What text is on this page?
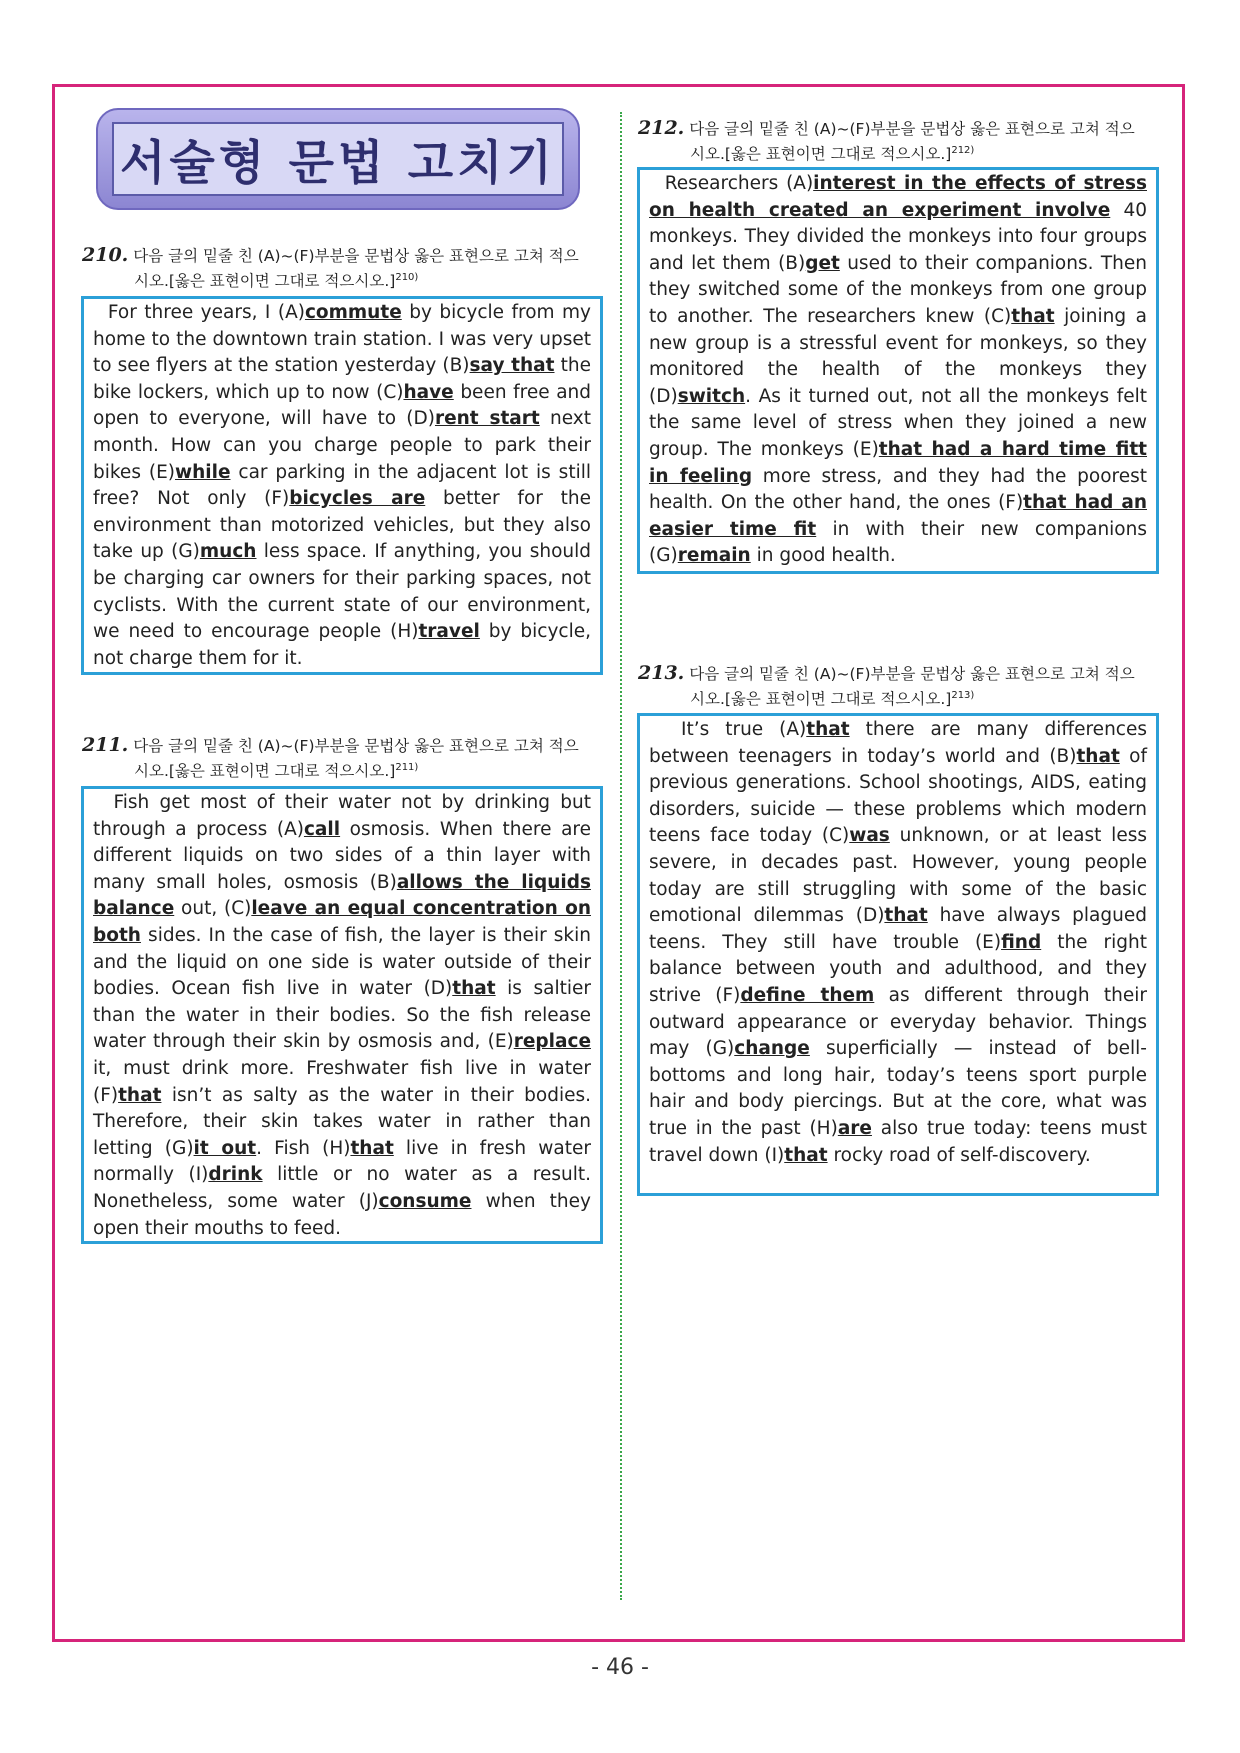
서술형 문법 고치기
210. 다음 글의 밑줄 친 (A)~(F)부분을 문법상 옳은 표현으로 고쳐 적으
시오.[옳은 표현이면 그대로 적으시오.]$^{210)}$
For three years, I (A)commute by bicycle from my home to the downtown train station. I was very upset to see flyers at the station yesterday (B)say that the bike lockers, which up to now (C)have been free and open to everyone, will have to (D)rent start next month. How can you charge people to park their bikes (E)while car parking in the adjacent lot is still free? Not only (F)bicycles are better for the environment than motorized vehicles, but they also take up (G)much less space. If anything, you should be charging car owners for their parking spaces, not cyclists. With the current state of our environment, we need to encourage people (H)travel by bicycle, not charge them for it.
211. 다음 글의 밑줄 친 (A)~(F)부분을 문법상 옳은 표현으로 고쳐 적으
시오.[옳은 표현이면 그대로 적으시오.]$^{211)}$
Fish get most of their water not by drinking but through a process (A)call osmosis. When there are different liquids on two sides of a thin layer with many small holes, osmosis (B)allows the liquids balance out, (C)leave an equal concentration on both sides. In the case of fish, the layer is their skin and the liquid on one side is water outside of their bodies. Ocean fish live in water (D)that is saltier than the water in their bodies. So the fish release water through their skin by osmosis and, (E)replace it, must drink more. Freshwater fish live in water (F)that isn’t as salty as the water in their bodies. Therefore, their skin takes water in rather than letting (G)it out. Fish (H)that live in fresh water normally (I)drink little or no water as a result. Nonetheless, some water (J)consume when they open their mouths to feed.
212. 다음 글의 밑줄 친 (A)~(F)부분을 문법상 옳은 표현으로 고쳐 적으
시오.[옳은 표현이면 그대로 적으시오.]$^{212)}$
Researchers (A)interest in the effects of stress on health created an experiment involve 40 monkeys. They divided the monkeys into four groups and let them (B)get used to their companions. Then they switched some of the monkeys from one group to another. The researchers knew (C)that joining a new group is a stressful event for monkeys, so they monitored the health of the monkeys they (D)switch. As it turned out, not all the monkeys felt the same level of stress when they joined a new group. The monkeys (E)that had a hard time fitt in feeling more stress, and they had the poorest health. On the other hand, the ones (F)that had an easier time fit in with their new companions (G)remain in good health.
213. 다음 글의 밑줄 친 (A)~(F)부분을 문법상 옳은 표현으로 고쳐 적으
시오.[옳은 표현이면 그대로 적으시오.]$^{213)}$
It’s true (A)that there are many differences between teenagers in today’s world and (B)that of previous generations. School shootings, AIDS, eating disorders, suicide — these problems which modern teens face today (C)was unknown, or at least less severe, in decades past. However, young people today are still struggling with some of the basic emotional dilemmas (D)that have always plagued teens. They still have trouble (E)find the right balance between youth and adulthood, and they strive (F)define them as different through their outward appearance or everyday behavior. Things may (G)change superficially — instead of bell-bottoms and long hair, today’s teens sport purple hair and body piercings. But at the core, what was true in the past (H)are also true today: teens must travel down (I)that rocky road of self-discovery.
- 46 -
